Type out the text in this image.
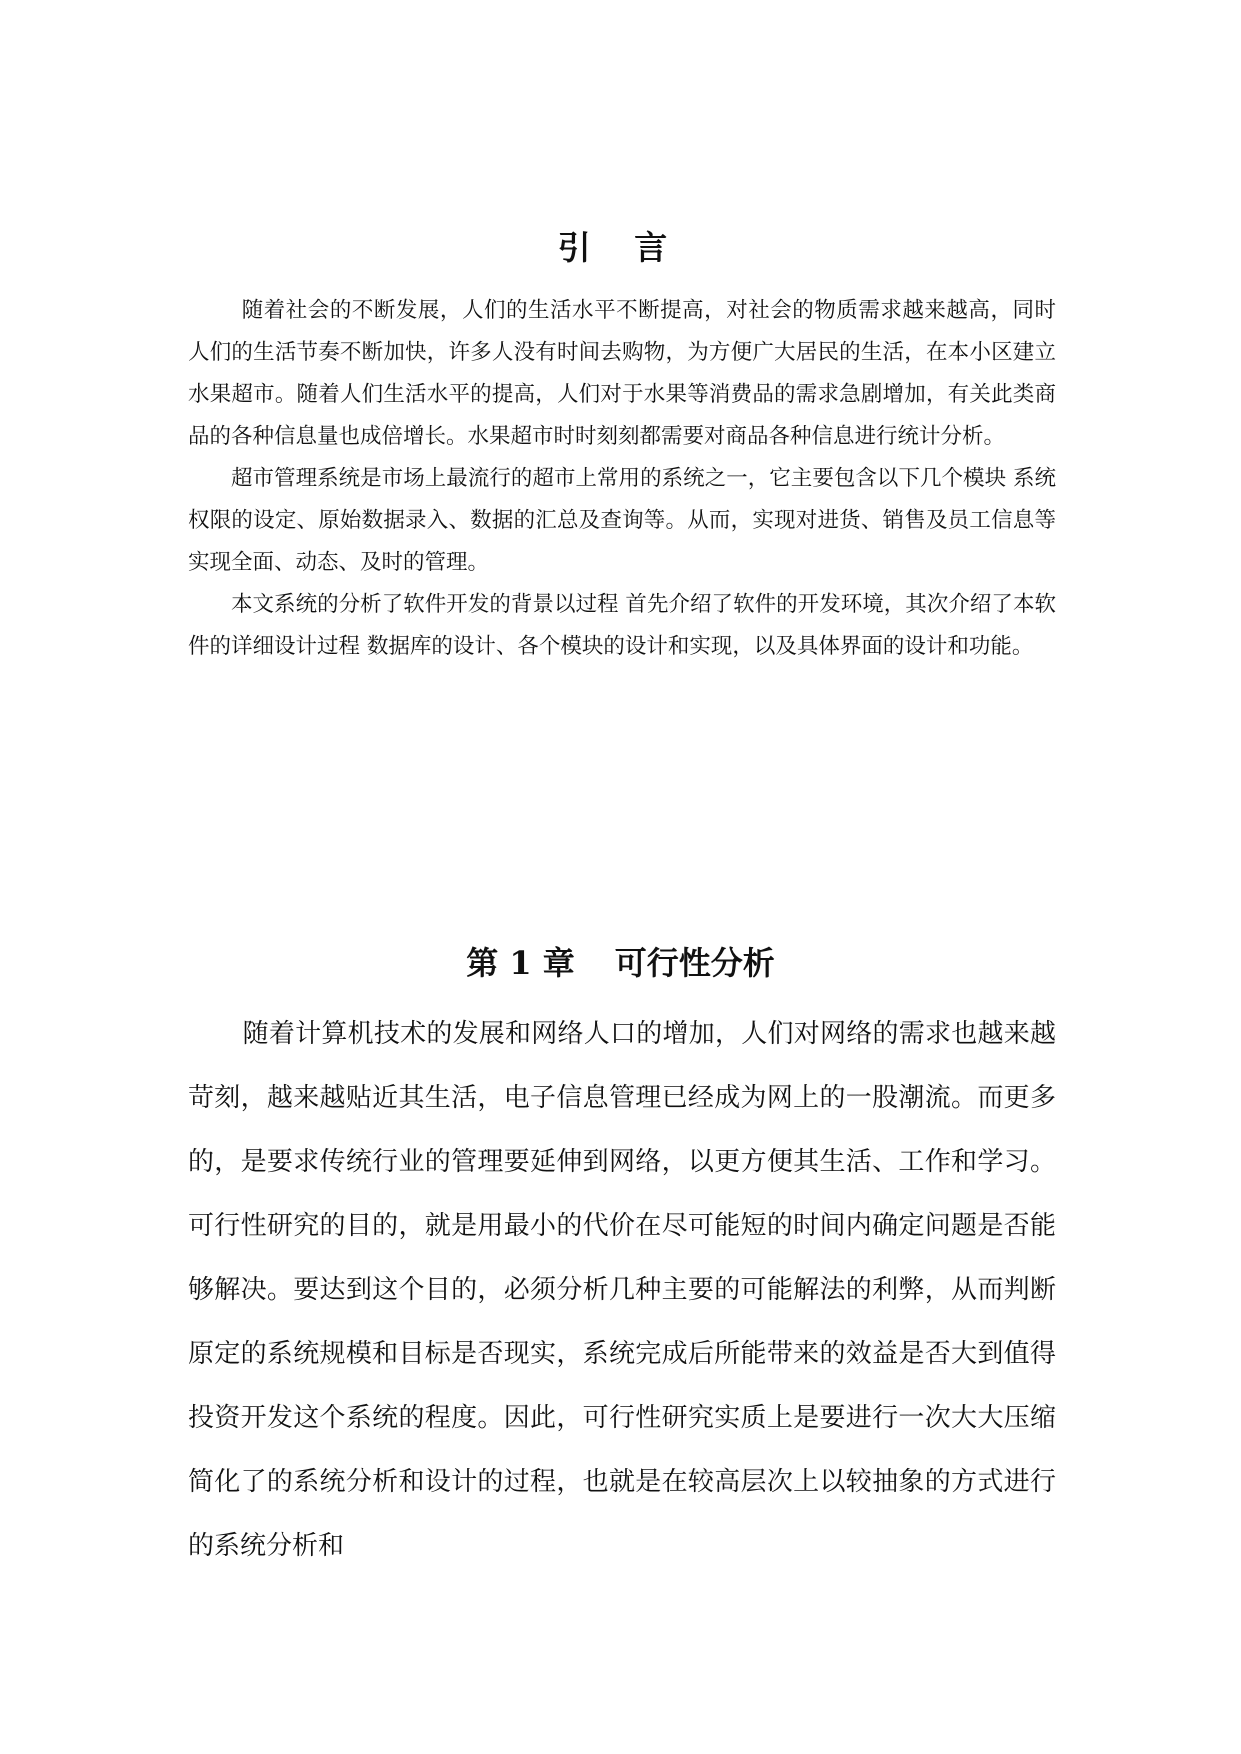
引 言

随着社会的不断发展，人们的生活水平不断提高，对社会的物质需求越来越高，同时人们的生活节奏不断加快，许多人没有时间去购物，为方便广大居民的生活，在本小区建立水果超市。随着人们生活水平的提高，人们对于水果等消费品的需求急剧增加，有关此类商品的各种信息量也成倍增长。水果超市时时刻刻都需要对商品各种信息进行统计分析。

超市管理系统是市场上最流行的超市上常用的系统之一，它主要包含以下几个模块 系统权限的设定、原始数据录入、数据的汇总及查询等。从而，实现对进货、销售及员工信息等实现全面、动态、及时的管理。

本文系统的分析了软件开发的背景以过程 首先介绍了软件的开发环境，其次介绍了本软件的详细设计过程 数据库的设计、各个模块的设计和实现，以及具体界面的设计和功能。

第 1 章 可行性分析

随着计算机技术的发展和网络人口的增加，人们对网络的需求也越来越苛刻，越来越贴近其生活，电子信息管理已经成为网上的一股潮流。而更多的，是要求传统行业的管理要延伸到网络，以更方便其生活、工作和学习。可行性研究的目的，就是用最小的代价在尽可能短的时间内确定问题是否能够解决。要达到这个目的，必须分析几种主要的可能解法的利弊，从而判断原定的系统规模和目标是否现实，系统完成后所能带来的效益是否大到值得投资开发这个系统的程度。因此，可行性研究实质上是要进行一次大大压缩简化了的系统分析和设计的过程，也就是在较高层次上以较抽象的方式进行的系统分析和
